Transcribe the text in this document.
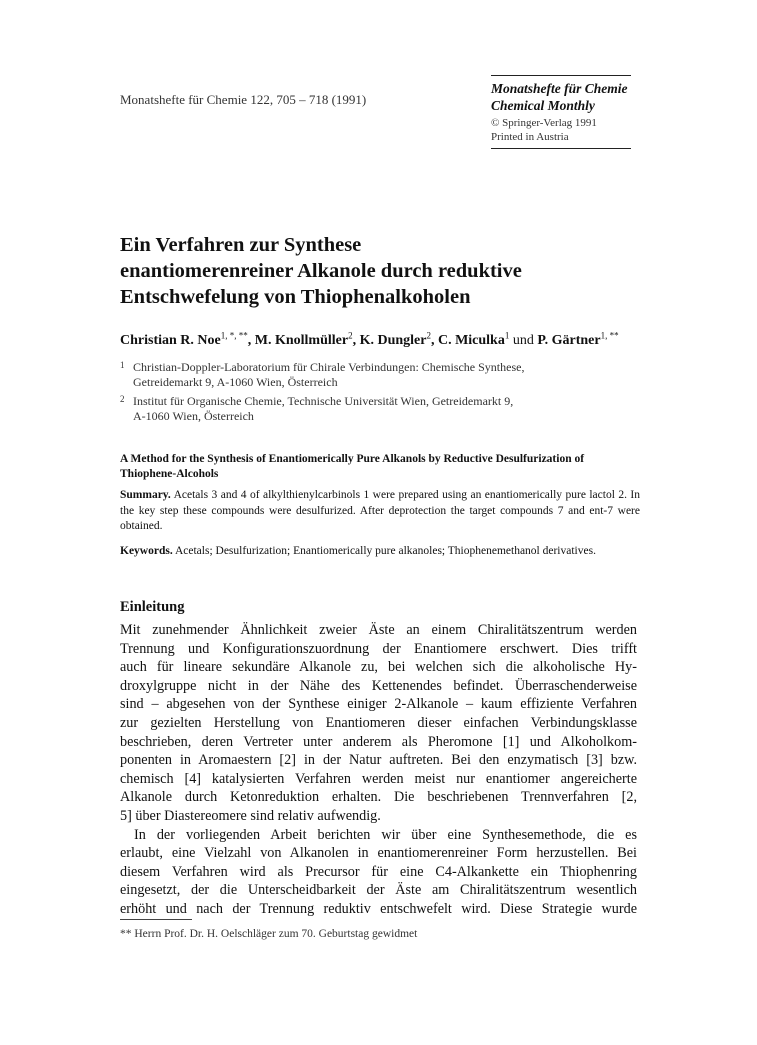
Monatshefte für Chemie 122, 705 – 718 (1991)
Monatshefte für Chemie
Chemical Monthly
© Springer-Verlag 1991
Printed in Austria
Ein Verfahren zur Synthese
enantiomerenreiner Alkanole durch reduktive
Entschwefelung von Thiophenalkoholen
Christian R. Noe$^{1, *, **}$, M. Knollmüller$^2$, K. Dungler$^2$, C. Miculka$^1$ und P. Gärtner$^{1, **}$
1 Christian-Doppler-Laboratorium für Chirale Verbindungen: Chemische Synthese,
Getreidemarkt 9, A-1060 Wien, Österreich
2 Institut für Organische Chemie, Technische Universität Wien, Getreidemarkt 9,
A-1060 Wien, Österreich
A Method for the Synthesis of Enantiomerically Pure Alkanols by Reductive Desulfurization of Thiophene-Alcohols
Summary. Acetals 3 and 4 of alkylthienylcarbinols 1 were prepared using an enantiomerically pure lactol 2. In the key step these compounds were desulfurized. After deprotection the target compounds 7 and ent-7 were obtained.
Keywords. Acetals; Desulfurization; Enantiomerically pure alkanoles; Thiophenemethanol derivatives.
Einleitung
Mit zunehmender Ähnlichkeit zweier Äste an einem Chiralitätszentrum werden
Trennung und Konfigurationszuordnung der Enantiomere erschwert. Dies trifft
auch für lineare sekundäre Alkanole zu, bei welchen sich die alkoholische Hy-
droxylgruppe nicht in der Nähe des Kettenendes befindet. Überraschenderweise
sind – abgesehen von der Synthese einiger 2-Alkanole – kaum effiziente Verfahren
zur gezielten Herstellung von Enantiomeren dieser einfachen Verbindungsklasse
beschrieben, deren Vertreter unter anderem als Pheromone [1] und Alkoholkom-
ponenten in Aromaestern [2] in der Natur auftreten. Bei den enzymatisch [3] bzw.
chemisch [4] katalysierten Verfahren werden meist nur enantiomer angereicherte
Alkanole durch Ketonreduktion erhalten. Die beschriebenen Trennverfahren [2,
5] über Diastereomere sind relativ aufwendig.
In der vorliegenden Arbeit berichten wir über eine Synthesemethode, die es
erlaubt, eine Vielzahl von Alkanolen in enantiomerenreiner Form herzustellen. Bei
diesem Verfahren wird als Precursor für eine C4-Alkankette ein Thiophenring
eingesetzt, der die Unterscheidbarkeit der Äste am Chiralitätszentrum wesentlich
erhöht und nach der Trennung reduktiv entschwefelt wird. Diese Strategie wurde
** Herrn Prof. Dr. H. Oelschläger zum 70. Geburtstag gewidmet
